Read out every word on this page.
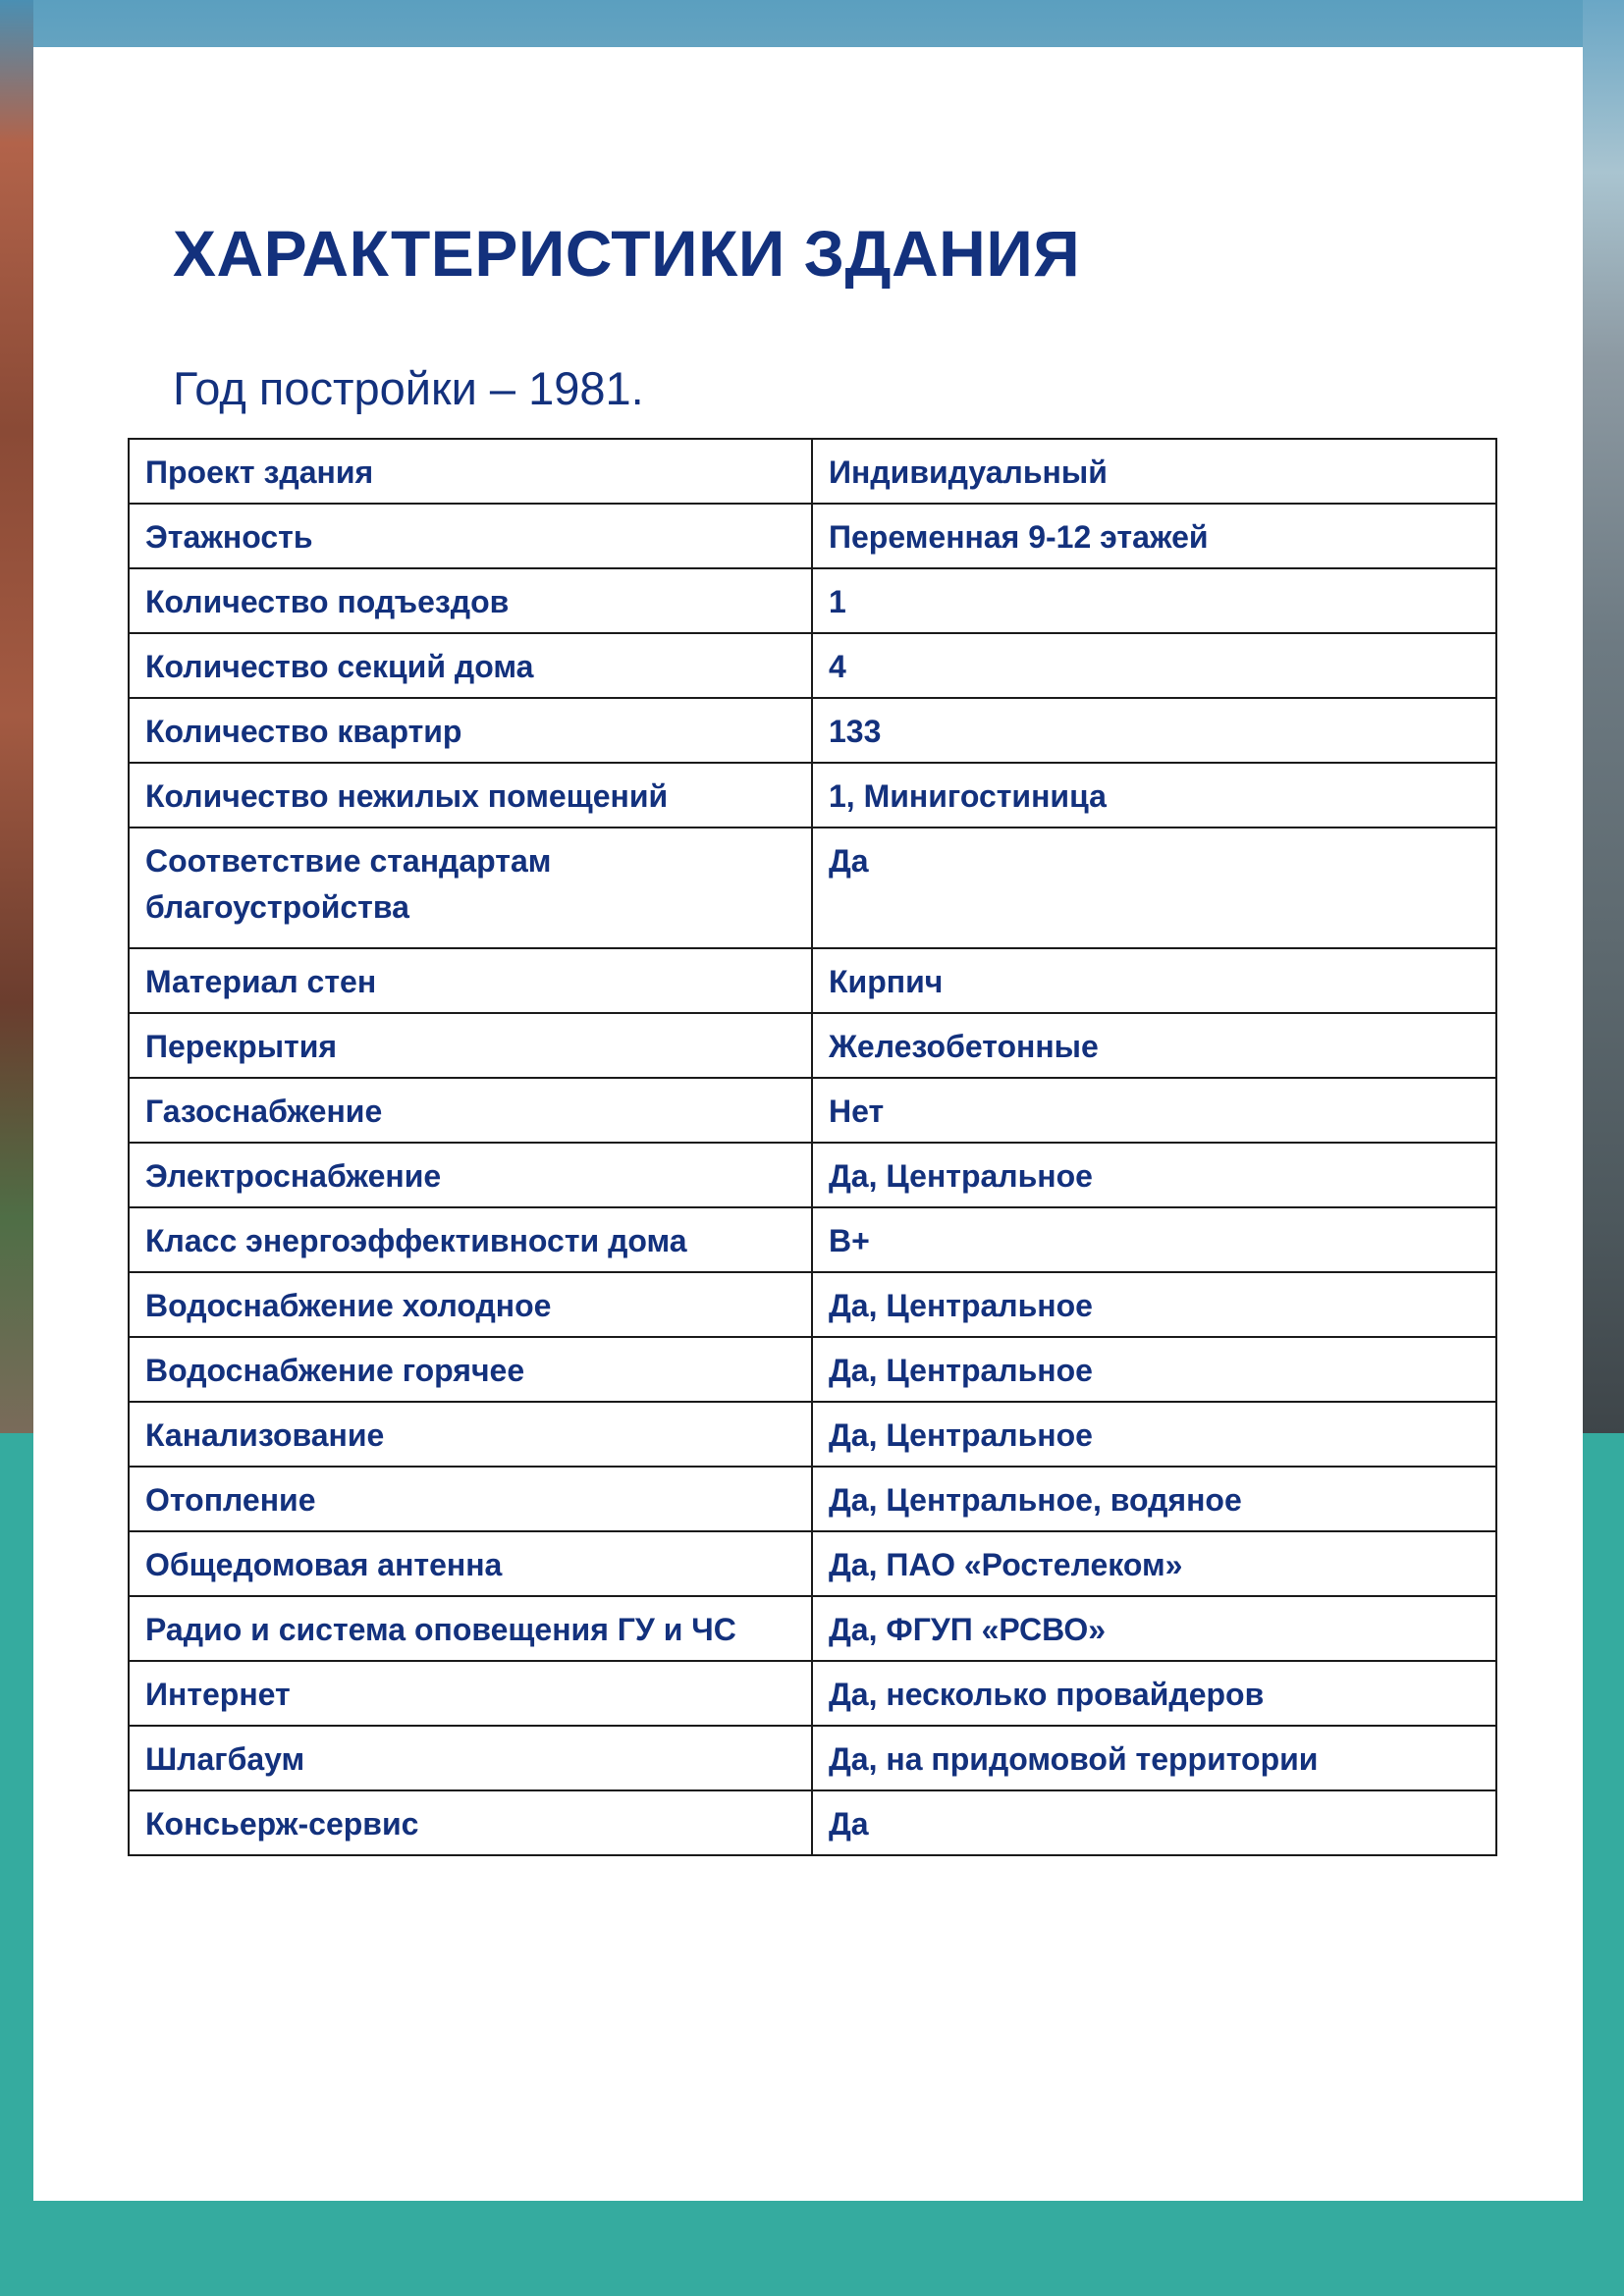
ХАРАКТЕРИСТИКИ ЗДАНИЯ

Год постройки – 1981.

Проект здания	Индивидуальный
Этажность	Переменная 9-12 этажей
Количество подъездов	1
Количество секций дома	4
Количество квартир	133
Количество нежилых помещений	1, Минигостиница
Соответствие стандартам благоустройства	Да
Материал стен	Кирпич
Перекрытия	Железобетонные
Газоснабжение	Нет
Электроснабжение	Да, Центральное
Класс энергоэффективности дома	В+
Водоснабжение холодное	Да, Центральное
Водоснабжение горячее	Да, Центральное
Канализование	Да, Центральное
Отопление	Да, Центральное, водяное
Общедомовая антенна	Да, ПАО «Ростелеком»
Радио и система оповещения ГУ и ЧС	Да, ФГУП «РСВО»
Интернет	Да, несколько провайдеров
Шлагбаум	Да, на придомовой территории
Консьерж-сервис	Да
